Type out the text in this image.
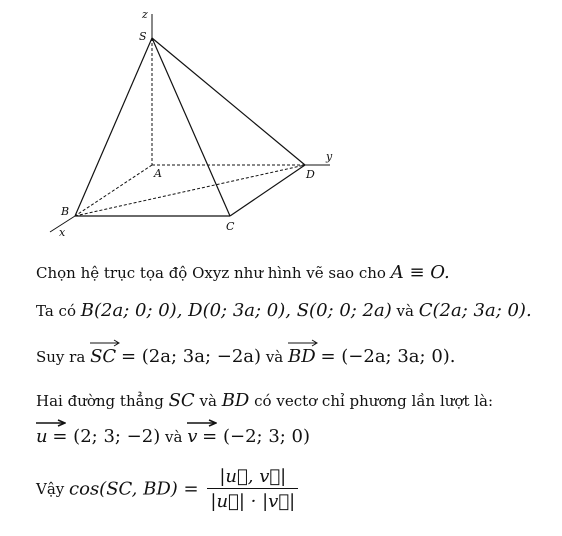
z
S
A	D
y
B
C
x
Chọn hệ trục tọa độ Oxyz như hình vẽ sao cho A ≡ O.
Ta có B(2a; 0; 0), D(0; 3a; 0), S(0; 0; 2a) và C(2a; 3a; 0).
Suy ra SC = (2a; 3a; −2a) và BD = (−2a; 3a; 0).
Hai đường thẳng SC và BD có vectơ chỉ phương lần lượt là:
u = (2; 3; −2) và v = (−2; 3; 0)
Vậy cos(SC, $BD) = \frac{|u⃗, v⃗|}{|u⃗| \cdot |v⃗|}$
